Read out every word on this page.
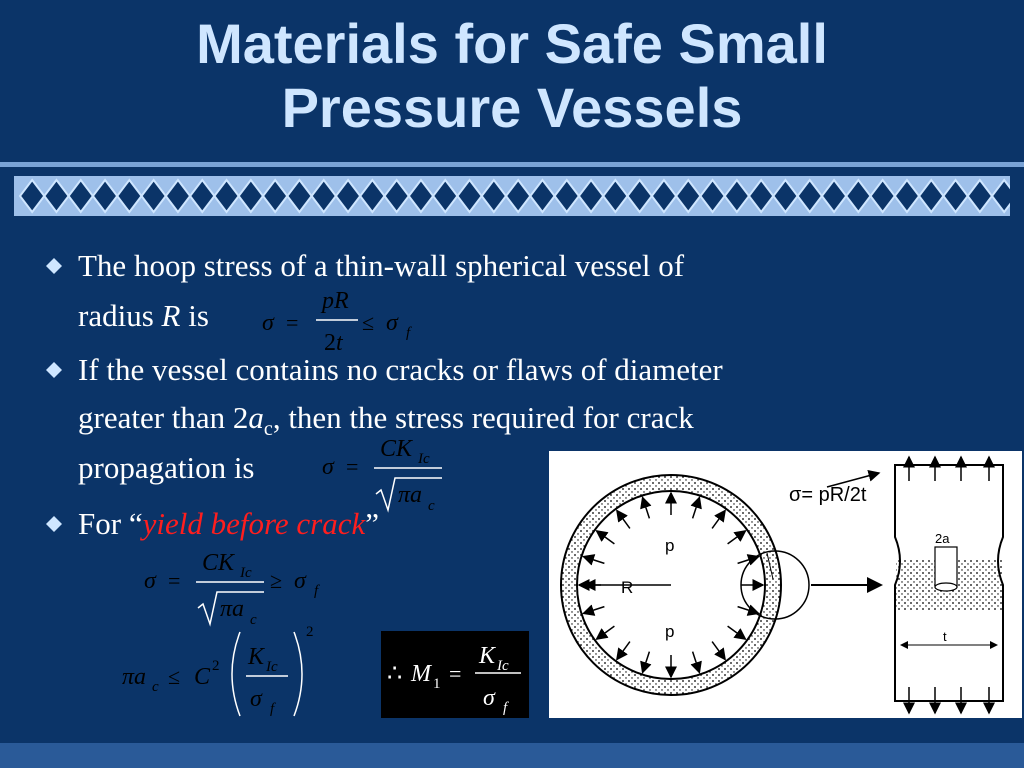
Materials for Safe Small
Pressure Vessels
The hoop stress of a thin-wall spherical vessel of
radius R is σ =
pR
2t
≤ σ f
If the vessel contains no cracks or flaws of diameter
greater than $2a_c$, then the stress required for crack
propagation is	σ =
CK Ic
πa c
For “yield before crack”
σ =
CK Ic
πa c
≥ σ f
πa c ≤ C 2 K Ic
σ f
2
∴ M 1 =
K Ic
σ f
R
p
p
σ= pR/2t
2a
t
